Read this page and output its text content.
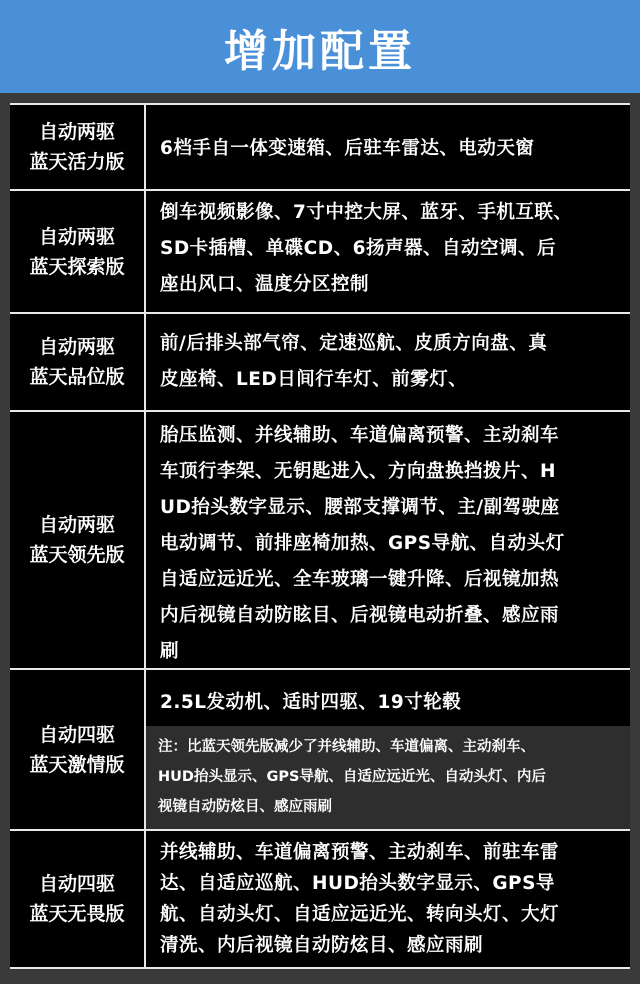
增加配置
自动两驱
蓝天活力版
6档手自一体变速箱、后驻车雷达、电动天窗
自动两驱
蓝天探索版
倒车视频影像、7寸中控大屏、蓝牙、手机互联、
SD卡插槽、单碟CD、6扬声器、自动空调、后
座出风口、温度分区控制
自动两驱
蓝天品位版
前/后排头部气帘、定速巡航、皮质方向盘、真
皮座椅、LED日间行车灯、前雾灯、
自动两驱
蓝天领先版
胎压监测、并线辅助、车道偏离预警、主动刹车
车顶行李架、无钥匙进入、方向盘换挡拨片、H
UD抬头数字显示、腰部支撑调节、主/副驾驶座
电动调节、前排座椅加热、GPS导航、自动头灯
自适应远近光、全车玻璃一键升降、后视镜加热
内后视镜自动防眩目、后视镜电动折叠、感应雨
刷
自动四驱
蓝天激情版
2.5L发动机、适时四驱、19寸轮毂
注：比蓝天领先版减少了并线辅助、车道偏离、主动刹车、
HUD抬头显示、GPS导航、自适应远近光、自动头灯、内后
视镜自动防炫目、感应雨刷
自动四驱
蓝天无畏版
并线辅助、车道偏离预警、主动刹车、前驻车雷
达、自适应巡航、HUD抬头数字显示、GPS导
航、自动头灯、自适应远近光、转向头灯、大灯
清洗、内后视镜自动防炫目、感应雨刷
